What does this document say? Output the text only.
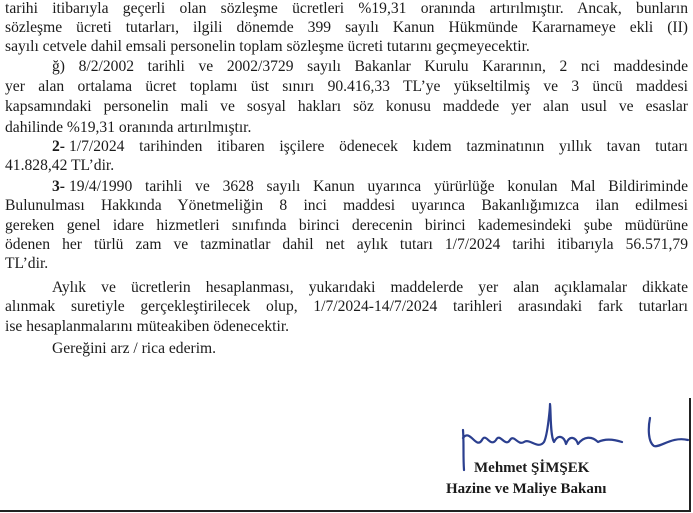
tarihi itibarıyla geçerli olan sözleşme ücretleri %19,31 oranında artırılmıştır. Ancak, bunların
sözleşme ücreti tutarları, ilgili dönemde 399 sayılı Kanun Hükmünde Kararnameye ekli (II)
sayılı cetvele dahil emsali personelin toplam sözleşme ücreti tutarını geçmeyecektir.
ğ) 8/2/2002 tarihli ve 2002/3729 sayılı Bakanlar Kurulu Kararının, 2 nci maddesinde
yer alan ortalama ücret toplamı üst sınırı 90.416,33 TL’ye yükseltilmiş ve 3 üncü maddesi
kapsamındaki personelin mali ve sosyal hakları söz konusu maddede yer alan usul ve esaslar
dahilinde %19,31 oranında artırılmıştır.
2- 1/7/2024 tarihinden itibaren işçilere ödenecek kıdem tazminatının yıllık tavan tutarı
41.828,42 TL’dir.
3- 19/4/1990 tarihli ve 3628 sayılı Kanun uyarınca yürürlüğe konulan Mal Bildiriminde
Bulunulması Hakkında Yönetmeliğin 8 inci maddesi uyarınca Bakanlığımızca ilan edilmesi
gereken genel idare hizmetleri sınıfında birinci derecenin birinci kademesindeki şube müdürüne
ödenen her türlü zam ve tazminatlar dahil net aylık tutarı 1/7/2024 tarihi itibarıyla 56.571,79
TL’dir.
Aylık ve ücretlerin hesaplanması, yukarıdaki maddelerde yer alan açıklamalar dikkate
alınmak suretiyle gerçekleştirilecek olup, 1/7/2024-14/7/2024 tarihleri arasındaki fark tutarları
ise hesaplanmalarını müteakiben ödenecektir.
Gereğini arz / rica ederim.
Mehmet ŞİMŞEK
Hazine ve Maliye Bakanı
